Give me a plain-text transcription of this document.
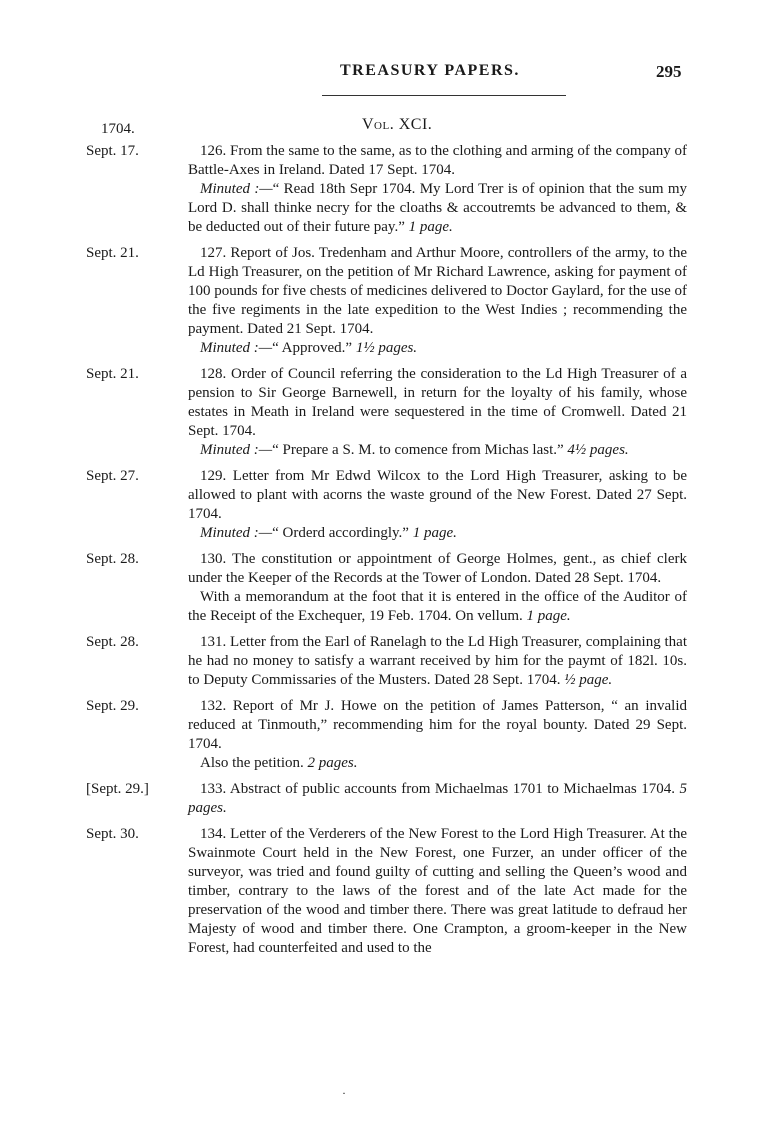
TREASURY PAPERS.	295
Vol. XCI.
1704.
Sept. 17.	126. From the same to the same, as to the clothing and arming of the company of Battle-Axes in Ireland. Dated 17 Sept. 1704.

Minuted :—“ Read 18th Sepr 1704. My Lord Trer is of opinion that the sum my Lord D. shall thinke necry for the cloaths & accoutremts be advanced to them, & be deducted out of their future pay.” 1 page.

Sept. 21.	127. Report of Jos. Tredenham and Arthur Moore, controllers of the army, to the Ld High Treasurer, on the petition of Mr Richard Lawrence, asking for payment of 100 pounds for five chests of medicines delivered to Doctor Gaylard, for the use of the five regiments in the late expedition to the West Indies ; recommending the payment. Dated 21 Sept. 1704.

Minuted :—“ Approved.” 1½ pages.

Sept. 21.	128. Order of Council referring the consideration to the Ld High Treasurer of a pension to Sir George Barnewell, in return for the loyalty of his family, whose estates in Meath in Ireland were sequestered in the time of Cromwell. Dated 21 Sept. 1704.

Minuted :—“ Prepare a S. M. to comence from Michas last.” 4½ pages.

Sept. 27.	129. Letter from Mr Edwd Wilcox to the Lord High Treasurer, asking to be allowed to plant with acorns the waste ground of the New Forest. Dated 27 Sept. 1704.

Minuted :—“ Orderd accordingly.” 1 page.

Sept. 28.	130. The constitution or appointment of George Holmes, gent., as chief clerk under the Keeper of the Records at the Tower of London. Dated 28 Sept. 1704.

With a memorandum at the foot that it is entered in the office of the Auditor of the Receipt of the Exchequer, 19 Feb. 1704. On vellum. 1 page.

Sept. 28.	131. Letter from the Earl of Ranelagh to the Ld High Treasurer, complaining that he had no money to satisfy a warrant received by him for the paymt of 182l. 10s. to Deputy Commissaries of the Musters. Dated 28 Sept. 1704. ½ page.

Sept. 29.	132. Report of Mr J. Howe on the petition of James Patterson, “ an invalid reduced at Tinmouth,” recommending him for the royal bounty. Dated 29 Sept. 1704.

Also the petition. 2 pages.

[Sept. 29.]	133. Abstract of public accounts from Michaelmas 1701 to Michaelmas 1704. 5 pages.

Sept. 30.	134. Letter of the Verderers of the New Forest to the Lord High Treasurer. At the Swainmote Court held in the New Forest, one Furzer, an under officer of the surveyor, was tried and found guilty of cutting and selling the Queen’s wood and timber, contrary to the laws of the forest and of the late Act made for the preservation of the wood and timber there. There was great latitude to defraud her Majesty of wood and timber there. One Crampton, a groom-keeper in the New Forest, had counterfeited and used to the

·
